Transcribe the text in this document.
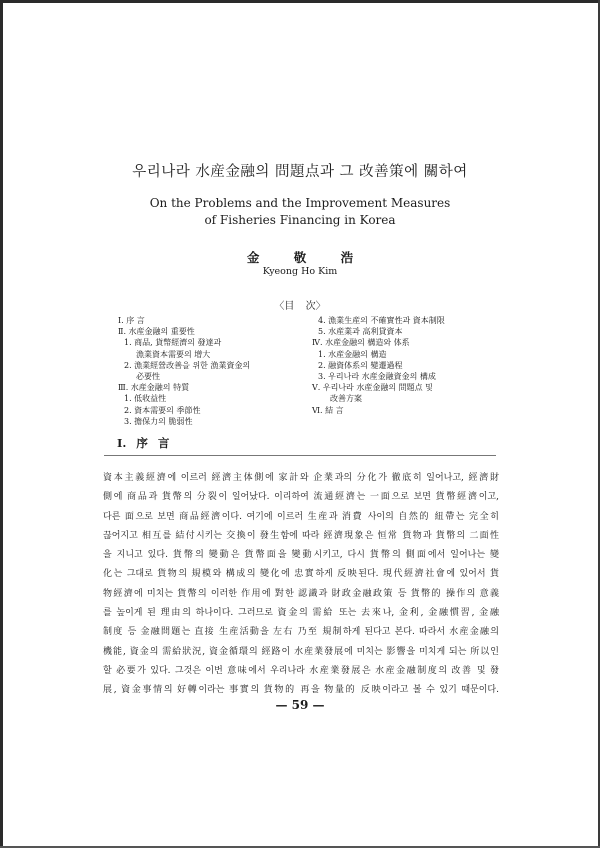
우리나라 水産金融의 問題点과 그 改善策에 關하여
On the Problems and the Improvement Measures
of Fisheries Financing in Korea
金 敬 浩
Kyeong Ho Kim
〈目 次〉
Ⅰ. 序 言
Ⅱ. 水産金融의 重要性
1. 商品, 貨幣經濟의 發達과
漁業資本需要의 增大
2. 漁業經營改善을 위한 漁業資金의
必要性
Ⅲ. 水産金融의 特質
1. 低收益性
2. 資本需要의 季節性
3. 擔保力의 脆弱性
4. 漁業生産의 不確實性과 資本制限
5. 水産業과 高利貸資本
Ⅳ. 水産金融의 構造와 体系
1. 水産金融의 構造
2. 融資体系의 變遷過程
3. 우리나라 水産金融資金의 構成
Ⅴ. 우리나라 水産金融의 問題点 및
改善方案
Ⅵ. 結 言
Ⅰ. 序 言
資本主義經濟에 이르러 經濟主体側에 家計와 企業과의 分化가 徹底히 일어나고, 經濟財
側에 商品과 貨幣의 分裂이 일어났다. 이리하여 流通經濟는 一面으로 보면 貨幣經濟이고,
다른 面으로 보면 商品經濟이다. 여기에 이르러 生産과 消費 사이의 自然的 紐帶는 完全히
끊어지고 相互를 結付시키는 交換이 發生함에 따라 經濟現象은 恒常 貨物과 貨幣의 二面性
을 지니고 있다. 貨幣의 變動은 貨幣面을 變動시키고, 다시 貨幣의 側面에서 일어나는 變
化는 그대로 貨物의 規模와 構成의 變化에 忠實하게 反映된다. 現代經濟社會에 있어서 貨
物經濟에 미치는 貨幣의 이러한 作用에 對한 認識과 財政金融政策 등 貨幣的 操作의 意義
를 높이게 된 理由의 하나이다. 그러므로 資金의 需給 또는 去來나, 金利, 金融慣習, 金融
制度 등 金融問題는 直接 生産活動을 左右 乃至 規制하게 된다고 본다. 따라서 水産金融의
機能, 資金의 需給狀況, 資金循環의 經路이 水産業發展에 미치는 影響을 미치게 되는 所以인
할 必要가 있다. 그것은 이번 意味에서 우리나라 水産業發展은 水産金融制度의 改善 및 發
展, 資金事情의 好轉이라는 事實의 貨物的 再을 物量的 反映이라고 볼 수 있기 때문이다.
— 59 —
